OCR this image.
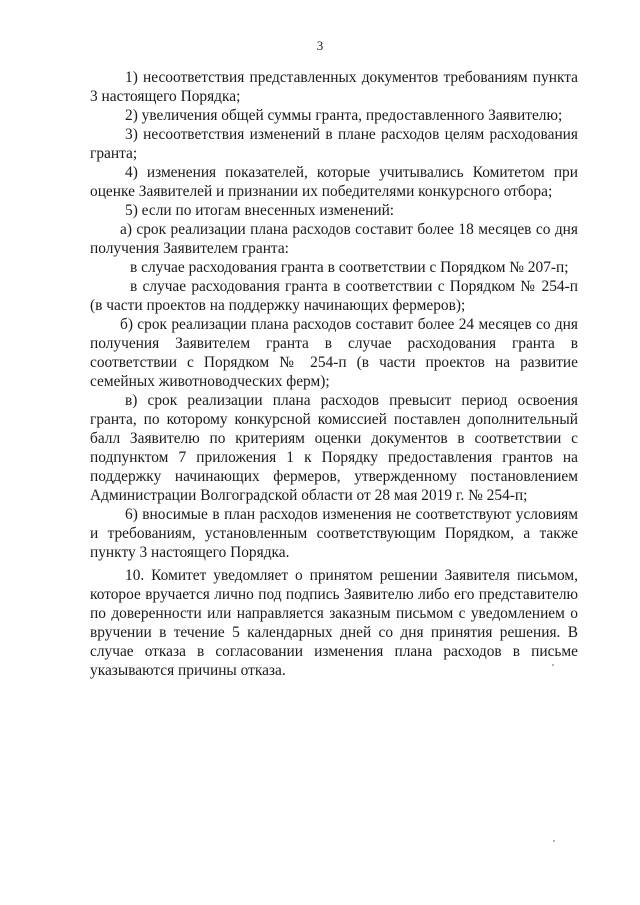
3

1) несоответствия представленных документов требованиям пункта 3 настоящего Порядка;

2) увеличения общей суммы гранта, предоставленного Заявителю;

3) несоответствия изменений в плане расходов целям расходования гранта;

4) изменения показателей, которые учитывались Комитетом при оценке Заявителей и признании их победителями конкурсного отбора;

5) если по итогам внесенных изменений:

а) срок реализации плана расходов составит более 18 месяцев со дня получения Заявителем гранта:

в случае расходования гранта в соответствии с Порядком № 207-п;

в случае расходования гранта в соответствии с Порядком № 254-п (в части проектов на поддержку начинающих фермеров);

б) срок реализации плана расходов составит более 24 месяцев со дня получения Заявителем гранта в случае расходования гранта в соответствии с Порядком № 254-п (в части проектов на развитие семейных животноводческих ферм);

в) срок реализации плана расходов превысит период освоения гранта, по которому конкурсной комиссией поставлен дополнительный балл Заявителю по критериям оценки документов в соответствии с подпунктом 7 приложения 1 к Порядку предоставления грантов на поддержку начинающих фермеров, утвержденному постановлением Администрации Волгоградской области от 28 мая 2019 г. № 254-п;

6) вносимые в план расходов изменения не соответствуют условиям и требованиям, установленным соответствующим Порядком, а также пункту 3 настоящего Порядка.

10. Комитет уведомляет о принятом решении Заявителя письмом, которое вручается лично под подпись Заявителю либо его представителю по доверенности или направляется заказным письмом с уведомлением о вручении в течение 5 календарных дней со дня принятия решения. В случае отказа в согласовании изменения плана расходов в письме указываются причины отказа.
